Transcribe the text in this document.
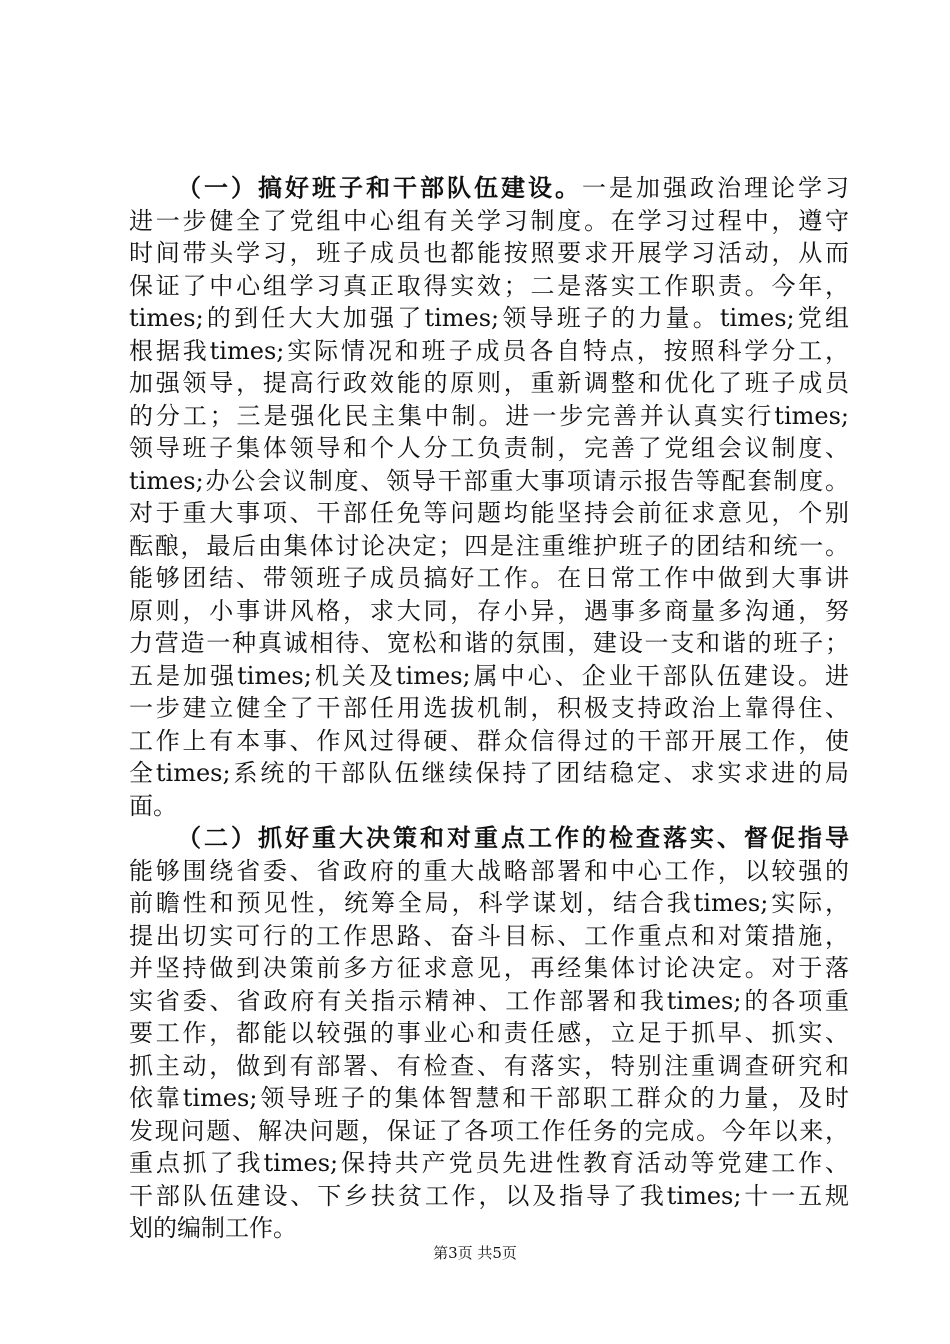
（一）搞好班子和干部队伍建设。一是加强政治理论学习
进一步健全了党组中心组有关学习制度。在学习过程中，遵守
时间带头学习，班子成员也都能按照要求开展学习活动，从而
保证了中心组学习真正取得实效；二是落实工作职责。今年，
times;的到任大大加强了times;领导班子的力量。times;党组
根据我times;实际情况和班子成员各自特点，按照科学分工，
加强领导，提高行政效能的原则，重新调整和优化了班子成员
的分工；三是强化民主集中制。进一步完善并认真实行times;
领导班子集体领导和个人分工负责制，完善了党组会议制度、
times;办公会议制度、领导干部重大事项请示报告等配套制度。
对于重大事项、干部任免等问题均能坚持会前征求意见，个别
酝酿，最后由集体讨论决定；四是注重维护班子的团结和统一。
能够团结、带领班子成员搞好工作。在日常工作中做到大事讲
原则，小事讲风格，求大同，存小异，遇事多商量多沟通，努
力营造一种真诚相待、宽松和谐的氛围，建设一支和谐的班子；
五是加强times;机关及times;属中心、企业干部队伍建设。进
一步建立健全了干部任用选拔机制，积极支持政治上靠得住、
工作上有本事、作风过得硬、群众信得过的干部开展工作，使
全times;系统的干部队伍继续保持了团结稳定、求实求进的局
面。
（二）抓好重大决策和对重点工作的检查落实、督促指导
能够围绕省委、省政府的重大战略部署和中心工作，以较强的
前瞻性和预见性，统筹全局，科学谋划，结合我times;实际，
提出切实可行的工作思路、奋斗目标、工作重点和对策措施，
并坚持做到决策前多方征求意见，再经集体讨论决定。对于落
实省委、省政府有关指示精神、工作部署和我times;的各项重
要工作，都能以较强的事业心和责任感，立足于抓早、抓实、
抓主动，做到有部署、有检查、有落实，特别注重调查研究和
依靠times;领导班子的集体智慧和干部职工群众的力量，及时
发现问题、解决问题，保证了各项工作任务的完成。今年以来，
重点抓了我times;保持共产党员先进性教育活动等党建工作、
干部队伍建设、下乡扶贫工作，以及指导了我times;十一五规
划的编制工作。
第3页 共5页
